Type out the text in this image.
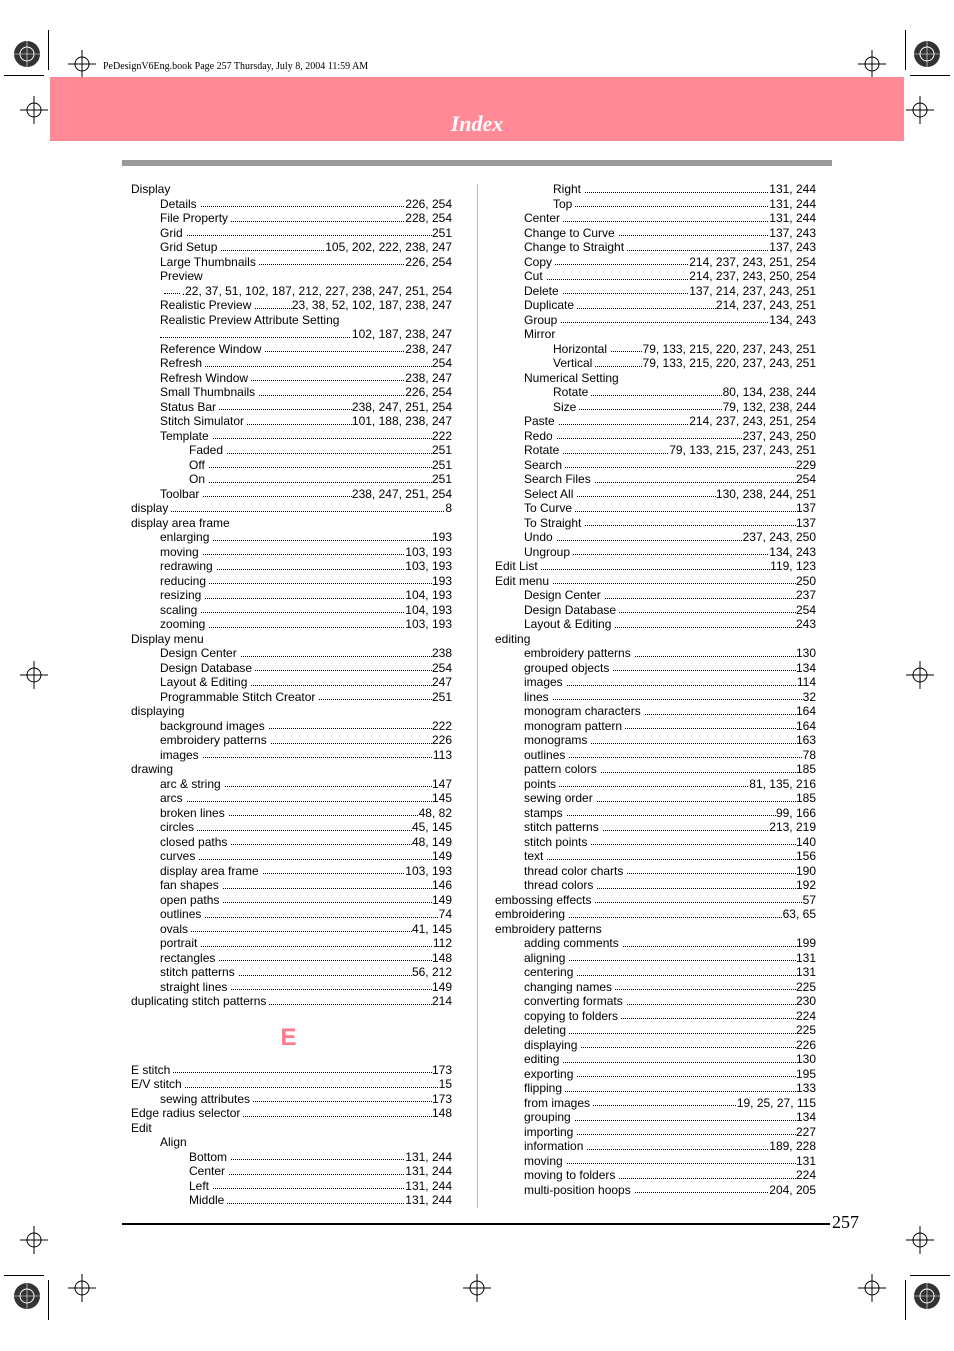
PeDesignV6Eng.book Page 257 Thursday, July 8, 2004 11:59 AM
Index
Display
Details	226, 254
File Property	228, 254
Grid	251
Grid Setup	105, 202, 222, 238, 247
Large Thumbnails	226, 254
Preview
.22, 37, 51, 102, 187, 212, 227, 238, 247, 251, 254
Realistic Preview	23, 38, 52, 102, 187, 238, 247
Realistic Preview Attribute Setting
102, 187, 238, 247
Reference Window	238, 247
Refresh	254
Refresh Window	238, 247
Small Thumbnails	226, 254
Status Bar	238, 247, 251, 254
Stitch Simulator	101, 188, 238, 247
Template	222
Faded	251
Off	251
On	251
Toolbar	238, 247, 251, 254
display	8
display area frame
enlarging	193
moving	103, 193
redrawing	103, 193
reducing	193
resizing	104, 193
scaling	104, 193
zooming	103, 193
Display menu
Design Center	238
Design Database	254
Layout & Editing	247
Programmable Stitch Creator	251
displaying
background images	222
embroidery patterns	226
images	113
drawing
arc & string	147
arcs	145
broken lines	48, 82
circles	45, 145
closed paths	48, 149
curves	149
display area frame	103, 193
fan shapes	146
open paths	149
outlines	74
ovals	41, 145
portrait	112
rectangles	148
stitch patterns	56, 212
straight lines	149
duplicating stitch patterns	214
E
E stitch	173
E/V stitch	15
sewing attributes	173
Edge radius selector	148
Edit
Align
Bottom	131, 244
Center	131, 244
Left	131, 244
Middle	131, 244
Right	131, 244
Top	131, 244
Center	131, 244
Change to Curve	137, 243
Change to Straight	137, 243
Copy	214, 237, 243, 251, 254
Cut	214, 237, 243, 250, 254
Delete	137, 214, 237, 243, 251
Duplicate	214, 237, 243, 251
Group	134, 243
Mirror
Horizontal	79, 133, 215, 220, 237, 243, 251
Vertical	79, 133, 215, 220, 237, 243, 251
Numerical Setting
Rotate	80, 134, 238, 244
Size	79, 132, 238, 244
Paste	214, 237, 243, 251, 254
Redo	237, 243, 250
Rotate	79, 133, 215, 237, 243, 251
Search	229
Search Files	254
Select All	130, 238, 244, 251
To Curve	137
To Straight	137
Undo	237, 243, 250
Ungroup	134, 243
Edit List	119, 123
Edit menu	250
Design Center	237
Design Database	254
Layout & Editing	243
editing
embroidery patterns	130
grouped objects	134
images	114
lines	32
monogram characters	164
monogram pattern	164
monograms	163
outlines	78
pattern colors	185
points	81, 135, 216
sewing order	185
stamps	99, 166
stitch patterns	213, 219
stitch points	140
text	156
thread color charts	190
thread colors	192
embossing effects	57
embroidering	63, 65
embroidery patterns
adding comments	199
aligning	131
centering	131
changing names	225
converting formats	230
copying to folders	224
deleting	225
displaying	226
editing	130
exporting	195
flipping	133
from images	19, 25, 27, 115
grouping	134
importing	227
information	189, 228
moving	131
moving to folders	224
multi-position hoops	204, 205
257
